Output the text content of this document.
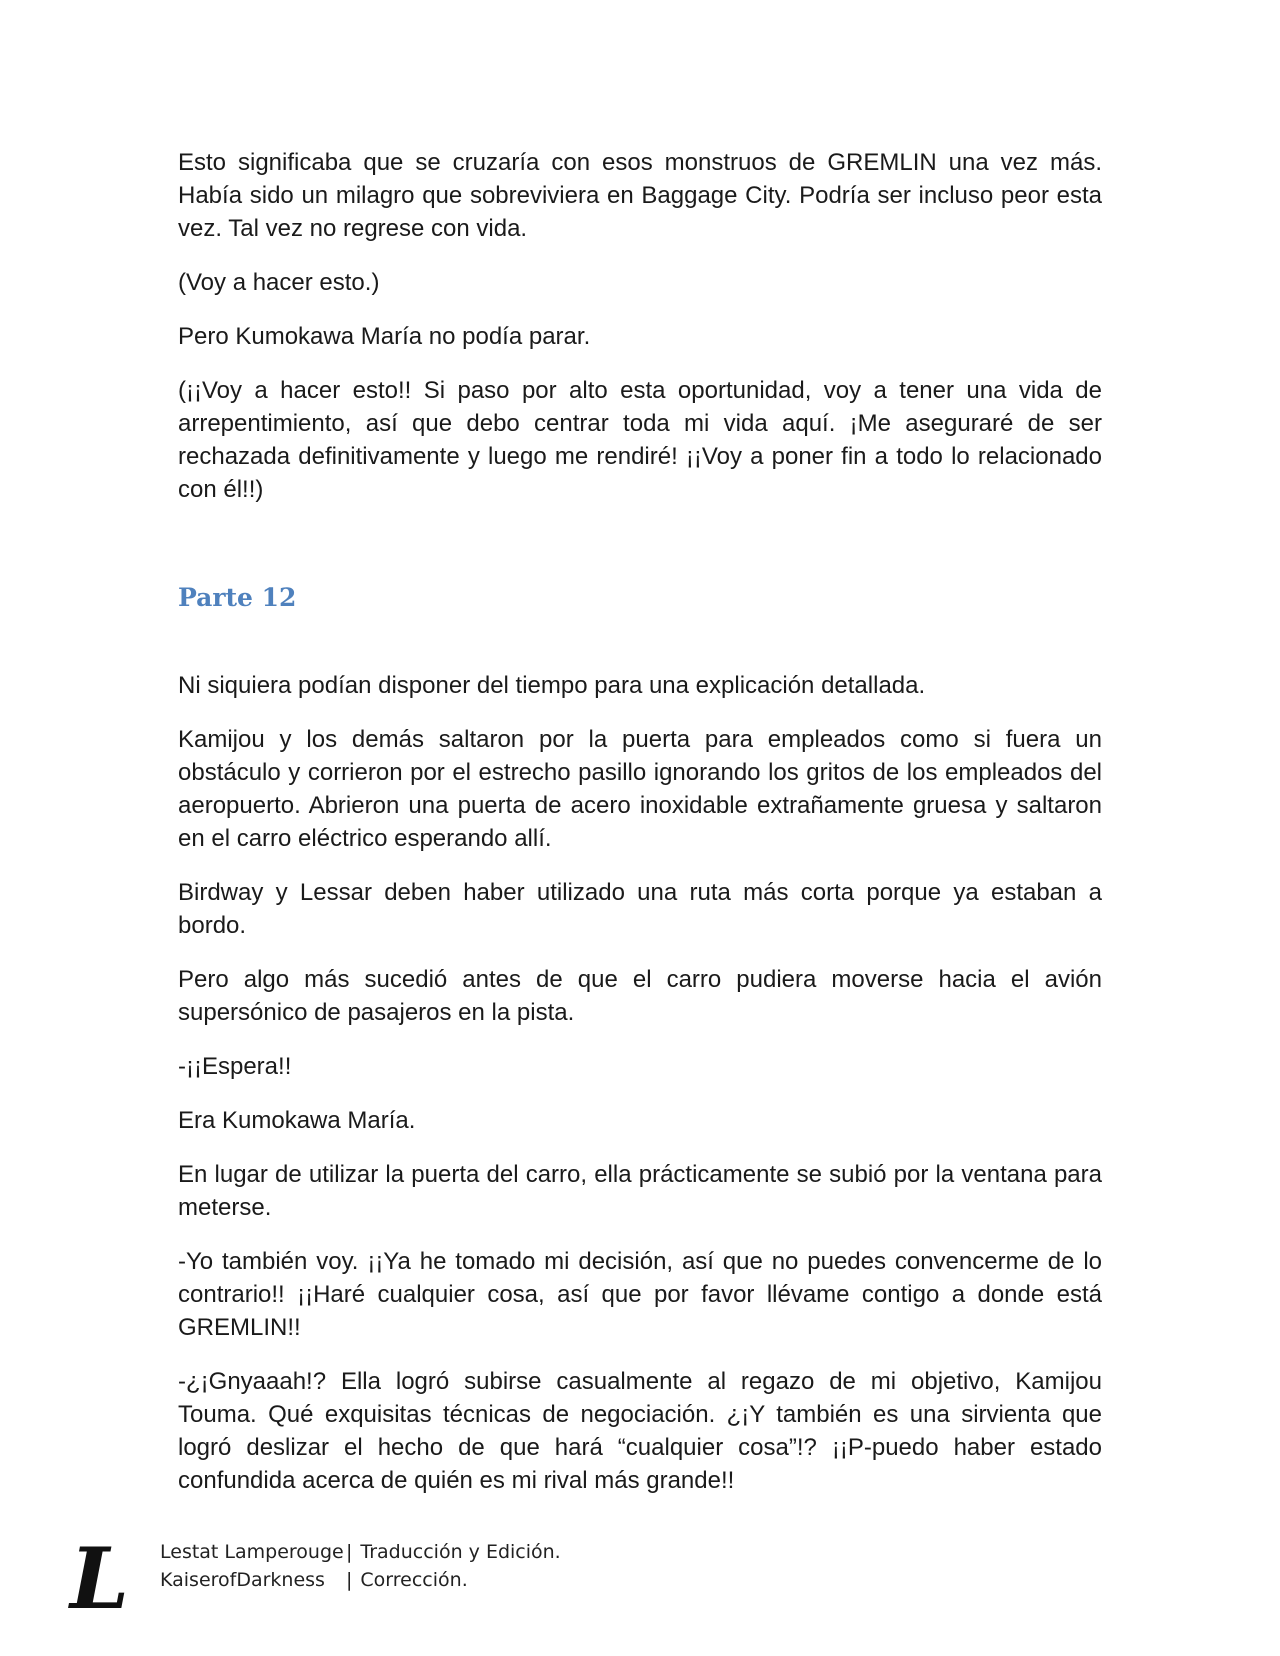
Esto significaba que se cruzaría con esos monstruos de GREMLIN una vez más. Había sido un milagro que sobreviviera en Baggage City. Podría ser incluso peor esta vez. Tal vez no regrese con vida.

(Voy a hacer esto.)

Pero Kumokawa María no podía parar.

(¡¡Voy a hacer esto!! Si paso por alto esta oportunidad, voy a tener una vida de arrepentimiento, así que debo centrar toda mi vida aquí. ¡Me aseguraré de ser rechazada definitivamente y luego me rendiré! ¡¡Voy a poner fin a todo lo relacionado con él!!)

Parte 12

Ni siquiera podían disponer del tiempo para una explicación detallada.

Kamijou y los demás saltaron por la puerta para empleados como si fuera un obstáculo y corrieron por el estrecho pasillo ignorando los gritos de los empleados del aeropuerto. Abrieron una puerta de acero inoxidable extrañamente gruesa y saltaron en el carro eléctrico esperando allí.

Birdway y Lessar deben haber utilizado una ruta más corta porque ya estaban a bordo.

Pero algo más sucedió antes de que el carro pudiera moverse hacia el avión supersónico de pasajeros en la pista.

-¡¡Espera!!

Era Kumokawa María.

En lugar de utilizar la puerta del carro, ella prácticamente se subió por la ventana para meterse.

-Yo también voy. ¡¡Ya he tomado mi decisión, así que no puedes convencerme de lo contrario!! ¡¡Haré cualquier cosa, así que por favor llévame contigo a donde está GREMLIN!!

-¿¡Gnyaaah!? Ella logró subirse casualmente al regazo de mi objetivo, Kamijou Touma. Qué exquisitas técnicas de negociación. ¿¡Y también es una sirvienta que logró deslizar el hecho de que hará “cualquier cosa”!? ¡¡P-puedo haber estado confundida acerca de quién es mi rival más grande!!

L Lestat Lamperouge | Traducción y Edición.
KaiserofDarkness	| Corrección.
